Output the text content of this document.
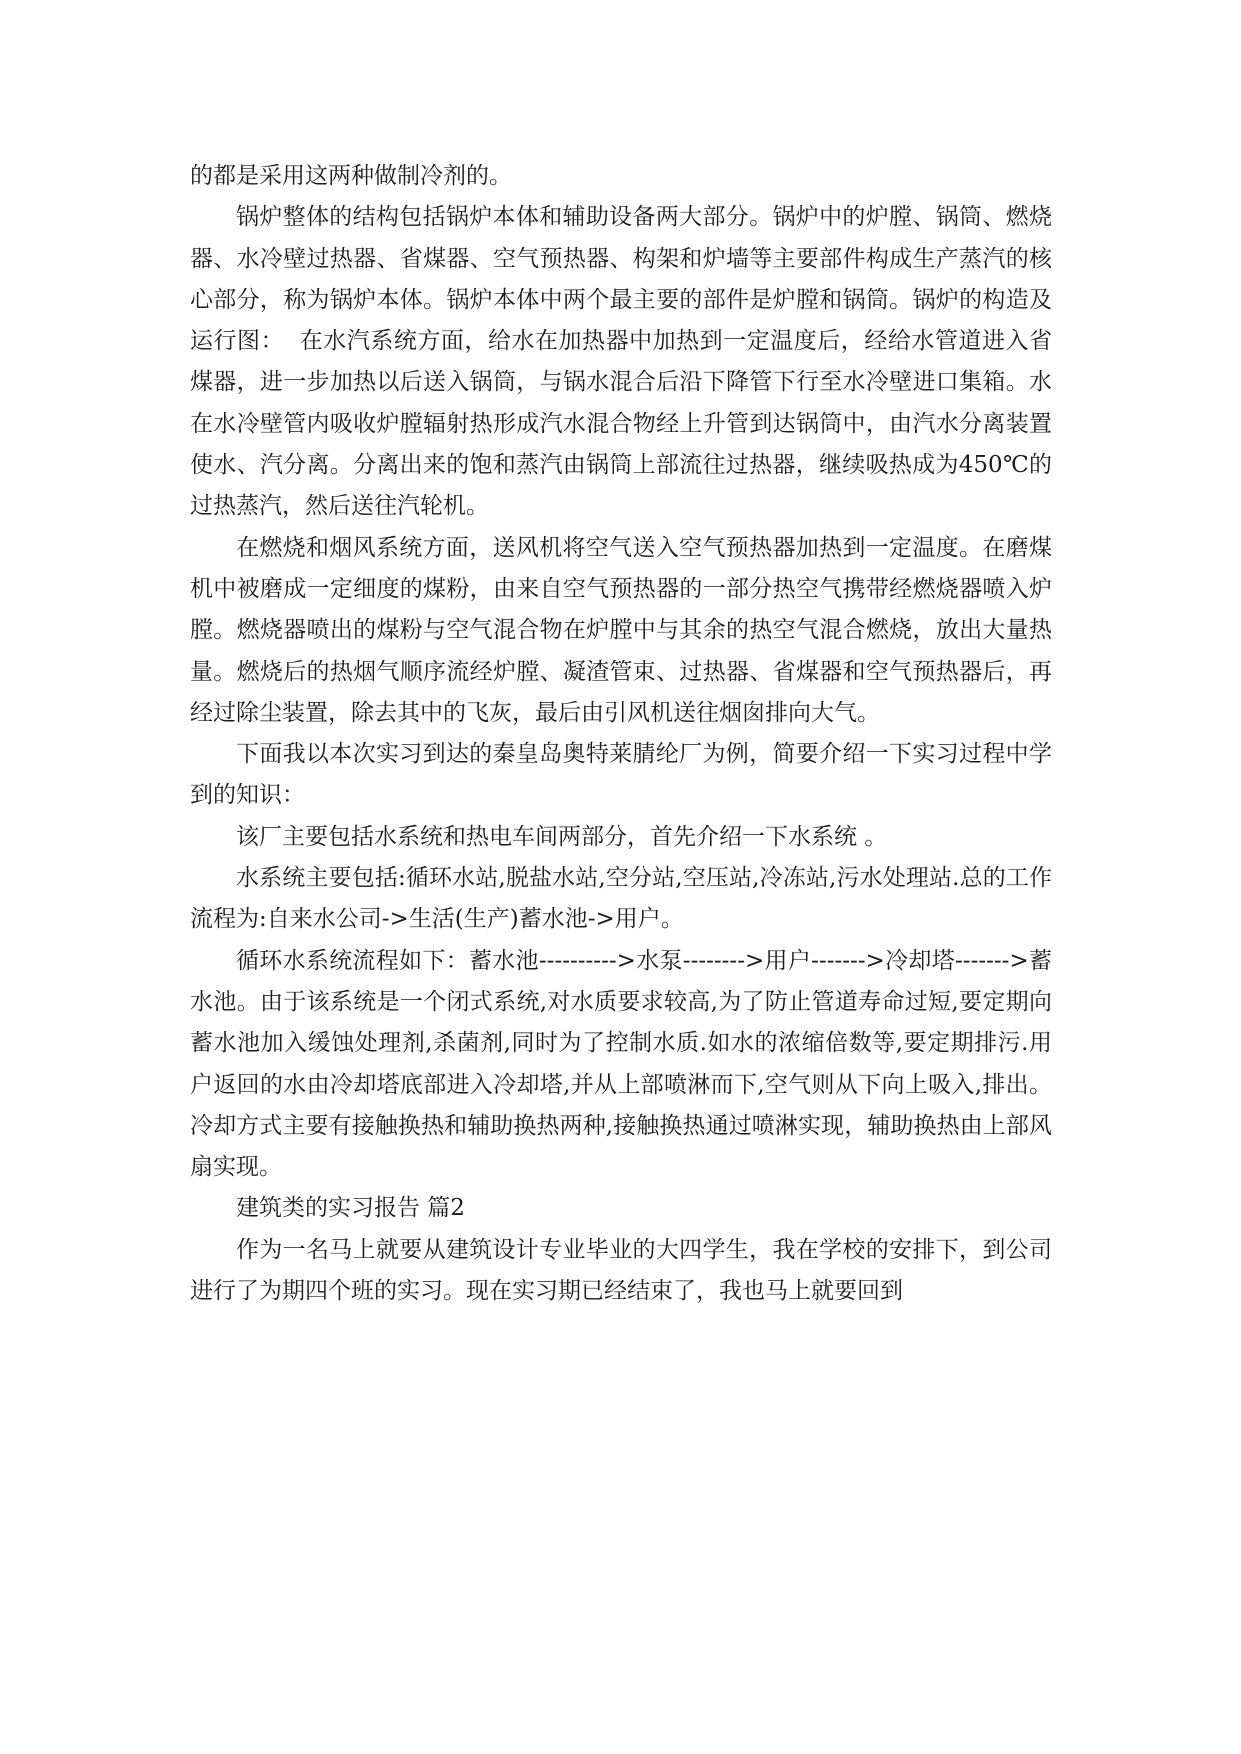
的都是采用这两种做制冷剂的。

锅炉整体的结构包括锅炉本体和辅助设备两大部分。锅炉中的炉膛、锅筒、燃烧器、水冷壁过热器、省煤器、空气预热器、构架和炉墙等主要部件构成生产蒸汽的核心部分，称为锅炉本体。锅炉本体中两个最主要的部件是炉膛和锅筒。锅炉的构造及运行图：  在水汽系统方面，给水在加热器中加热到一定温度后，经给水管道进入省煤器，进一步加热以后送入锅筒，与锅水混合后沿下降管下行至水冷壁进口集箱。水在水冷壁管内吸收炉膛辐射热形成汽水混合物经上升管到达锅筒中，由汽水分离装置使水、汽分离。分离出来的饱和蒸汽由锅筒上部流往过热器，继续吸热成为450℃的过热蒸汽，然后送往汽轮机。

在燃烧和烟风系统方面，送风机将空气送入空气预热器加热到一定温度。在磨煤机中被磨成一定细度的煤粉，由来自空气预热器的一部分热空气携带经燃烧器喷入炉膛。燃烧器喷出的煤粉与空气混合物在炉膛中与其余的热空气混合燃烧，放出大量热量。燃烧后的热烟气顺序流经炉膛、凝渣管束、过热器、省煤器和空气预热器后，再经过除尘装置，除去其中的飞灰，最后由引风机送往烟囱排向大气。

下面我以本次实习到达的秦皇岛奥特莱腈纶厂为例，简要介绍一下实习过程中学到的知识：

该厂主要包括水系统和热电车间两部分，首先介绍一下水系统 。

水系统主要包括:循环水站,脱盐水站,空分站,空压站,冷冻站,污水处理站.总的工作流程为:自来水公司->生活(生产)蓄水池->用户。

循环水系统流程如下：蓄水池---------->水泵-------->用户------->冷却塔------->蓄水池。由于该系统是一个闭式系统,对水质要求较高,为了防止管道寿命过短,要定期向蓄水池加入缓蚀处理剂,杀菌剂,同时为了控制水质.如水的浓缩倍数等,要定期排污.用户返回的水由冷却塔底部进入冷却塔,并从上部喷淋而下,空气则从下向上吸入,排出。冷却方式主要有接触换热和辅助换热两种,接触换热通过喷淋实现，辅助换热由上部风扇实现。

建筑类的实习报告 篇2

作为一名马上就要从建筑设计专业毕业的大四学生，我在学校的安排下，到公司进行了为期四个班的实习。现在实习期已经结束了，我也马上就要回到
